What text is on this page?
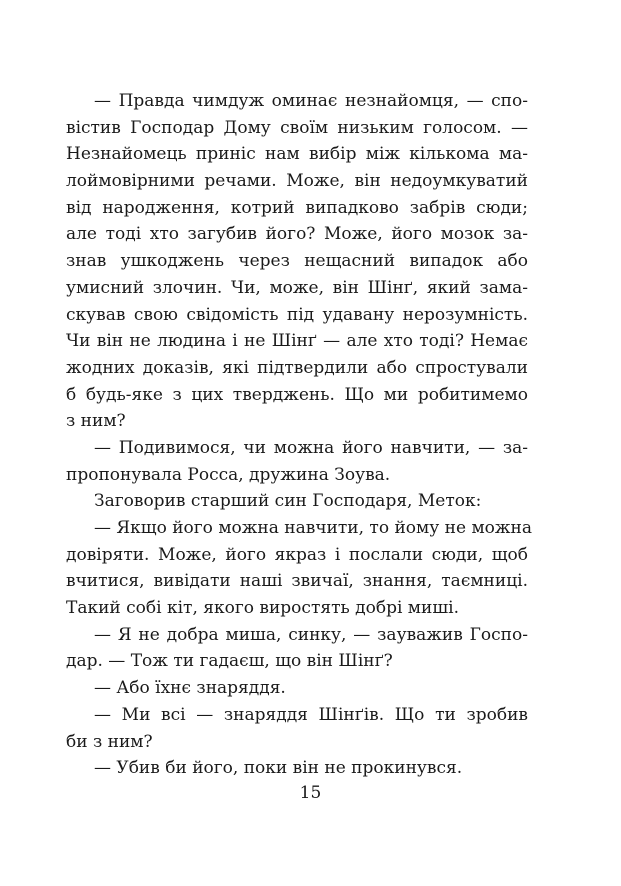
— Правда чимдуж оминає незнайомця, — спо-
вістив Господар Дому своїм низьким голосом. —
Незнайомець приніс нам вибір між кількома ма-
лоймовірними речами. Може, він недоумкуватий
від народження, котрий випадково забрів сюди;
але тоді хто загубив його? Може, його мозок за-
знав ушкоджень через нещасний випадок або
умисний злочин. Чи, може, він Шінґ, який зама-
скував свою свідомість під удавану нерозумність.
Чи він не людина і не Шінґ — але хто тоді? Немає
жодних доказів, які підтвердили або спростували
б будь-яке з цих тверджень. Що ми робитимемо
з ним?
— Подивимося, чи можна його навчити, — за-
пропонувала Росса, дружина Зоува.
Заговорив старший син Господаря, Меток:
— Якщо його можна навчити, то йому не можна
довіряти. Може, його якраз і послали сюди, щоб
вчитися, вивідати наші звичаї, знання, таємниці.
Такий собі кіт, якого виростять добрі миші.
— Я не добра миша, синку, — зауважив Госпо-
дар. — Тож ти гадаєш, що він Шінґ?
— Або їхнє знаряддя.
— Ми всі — знаряддя Шінґів. Що ти зробив
би з ним?
— Убив би його, поки він не прокинувся.
15
